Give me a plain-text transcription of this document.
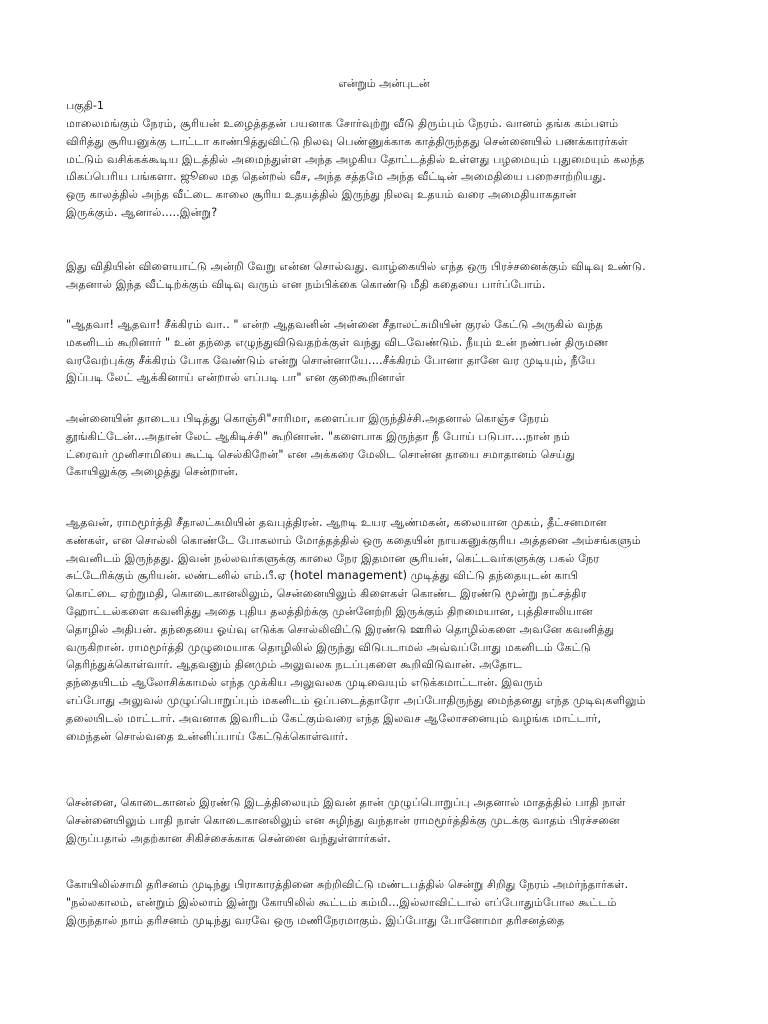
என்றும் அன்புடன்
பகுதி-1
மாலைமங்கும் நேரம், சூரியன் உழைத்ததன் பயனாக சோர்வுற்று வீடு திரும்பும் நேரம். வானம் தங்க கம்பளம்
விரித்து சூரியனுக்கு டாட்டா காண்பித்துவிட்டு நிலவு பெண்ணுக்காக காத்திருந்தது சென்னையில் பணக்காரர்கள்
மட்டும் வசிக்கக்கூடிய இடத்தில் அமைந்துள்ள அந்த அழகிய தோட்டத்தில் உள்ளது பழமையும் புதுமையும் கலந்த
மிகப்பெரிய பங்களா. ஜூலை மத தென்றல் வீச, அந்த சத்தமே அந்த வீட்டின் அமைதியை பறைசாற்றியது.
ஒரு காலத்தில் அந்த வீட்டை காலை சூரிய உதயத்தில் இருந்து நிலவு உதயம் வரை அமைதியாகதான்
இருக்கும். ஆனால்.....இன்று?
இது விதியின் விளையாட்டு அன்றி வேறு என்ன சொல்வது. வாழ்கையில் எந்த ஒரு பிரச்சனைக்கும் விடிவு உண்டு.
அதனால் இந்த வீட்டிற்க்கும் விடிவு வரும் என நம்பிக்கை கொண்டு மீதி கதையை பார்ப்போம்.
"ஆதவா! ஆதவா! சீக்கிரம் வா.. " என்ற ஆதவனின் அன்னை சீதாலட்சுமியின் குரல் கேட்டு அருகில் வந்த
மகனிடம் கூறினார் " உன் தந்தை எழுந்துவிடுவதற்க்குள் வந்து விடவேண்டும். நீயும் உன் நண்பன் திருமண
வரவேற்புக்கு சீக்கிரம் போக வேண்டும் என்று சொன்னாயே....சீக்கிரம் போனா தானே வர முடியும், நீயே
இப்படி லேட் ஆக்கினாய் என்றால் எப்படி பா" என குறைகூறினாள்
அன்னையின் தாடைய பிடித்து கொஞ்சி"சாரிமா, களைப்பா இருந்திச்சி.அதனால் கொஞ்ச நேரம்
தூங்கிட்டேன்...அதான் லேட் ஆகிடிச்சி" கூறினான். "களைபாக இருந்தா நீ போய் படுபா....நான் நம்
ட்ரைவர் முனிசாமியை கூட்டி செல்கிறேன்" என அக்கரை மேலிட சொன்ன தாயை சமாதானம் செய்து
கோயிலுக்கு அழைத்து சென்றான்.
ஆதவன், ராமமூர்த்தி சீதாலட்சுமியின் தவபுத்திரன். ஆறடி உயர ஆண்மகன், கலையான முகம், தீட்சனமான
கண்கள், என சொல்லி கொண்டே போகலாம் மோத்தத்தில் ஒரு கதையின் நாயகனுக்குரிய அத்தனை அம்சங்களும்
அவனிடம் இருந்தது. இவன் நல்லவர்களுக்கு காலை நேர இதமான சூரியன், கெட்டவர்களுக்கு பகல் நேர
சுட்டேரிக்கும் சூரியன். லண்டனில் எம்.பீ.ஏ (hotel management) முடித்து விட்டு தந்தையுடன் காபி
கொட்டை ஏற்றுமதி, கொடைகானலிலும், சென்னையிலும் கிளைகள் கொண்ட இரண்டு மூன்று நட்சத்திர
ஹோட்டல்களை கவனித்து அதை புதிய தலத்திற்க்கு முன்னேற்றி இருக்கும் திறமையான, புத்திசாலியான
தொழில் அதிபன். தந்தையை ஓய்வு எடுக்க சொல்லிவிட்டு இரண்டு ஊரில் தொழில்களை அவனே கவனித்து
வருகிறான். ராமமூர்த்தி முழுமையாக தொழிலில் இருந்து விடுபடாமல் அவ்வப்போது மகனிடம் கேட்டு
தெரிந்துக்கொள்வார். ஆதவனும் தினமும் அலுவலக நடப்புகளை கூறிவிடுவான். அதோட
தந்தையிடம் ஆலோசிக்காமல் எந்த முக்கிய அலுவலக முடிவையும் எடுக்கமாட்டான். இவரும்
எப்போது அலுவல் முழுப்பொறுப்பும் மகனிடம் ஒப்படைத்தாரோ அப்போதிருந்து மைந்தனது எந்த முடிவுகளிலும்
தலையிடல் மாட்டார். அவனாக இவரிடம் கேட்கும்வரை எந்த இலவச ஆலோசனையும் வழங்க மாட்டார்,
மைந்தன் சொல்வதை உன்னிப்பாய் கேட்டுக்கொள்வார்.
சென்னை, கொடைகானல் இரண்டு இடத்திலையும் இவன் தான் முழுப்பொறுப்பு அதனால் மாதத்தில் பாதி நாள்
சென்னையிலும் பாதி நாள் கொடைகானலிலும் என சுழிந்து வந்தான் ராமமூர்த்திக்கு முடக்கு வாதம் பிரச்சனை
இருப்பதால் அதற்கான சிகிச்சைக்காக சென்னை வந்துள்ளார்கள்.
கோயிலில்சாமி தரிசனம் முடிந்து பிராகாரத்தினை சுற்றிவிட்டு மண்டபத்தில் சென்று சிறிது நேரம் அமர்ந்தார்கள்.
"நல்லகாலம், என்றும் இல்லாம் இன்று கோயிலில் கூட்டம் கம்மி...இல்லாவிட்டால் எப்போதும்போல கூட்டம்
இருந்தால் நாம் தரிசனம் முடிந்து வரவே ஒரு மணிநேரமாகும். இப்போது போனோமா தரிசனத்தை
